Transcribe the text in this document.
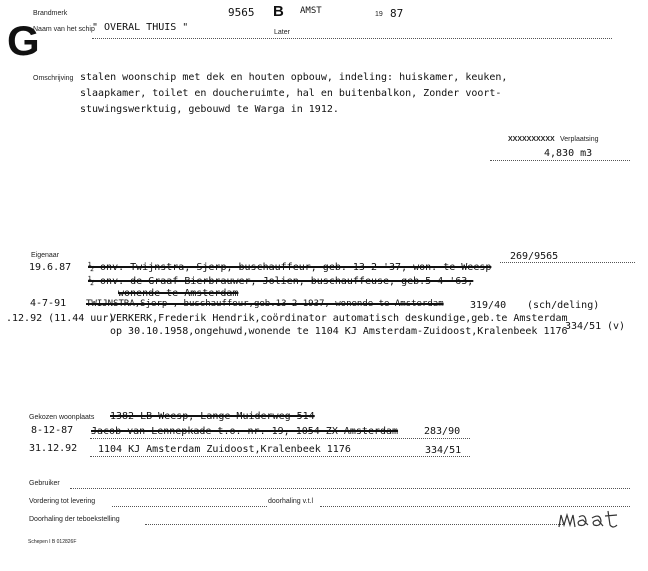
Brandmerk	9565 B AMST	19 87
G
Naam van het schip
" OVERAL THUIS "	Later
Omschrijving stalen woonschip met dek en houten opbouw, indeling: huiskamer, keuken,
slaapkamer, toilet en doucheruimte, hal en buitenbalkon, Zonder voort-
stuwingswerktuig, gebouwd te Warga in 1912.
XXXXXXXXXX Verplaatsing
4,830 m3
Eigenaar	269/9565
19.6.87 ½ onv. Twijnstra, Sjerp, buschauffeur, geb. 13-2-'37, won. te Weesp
½ onv. de Graaf Bierbrauwer, Jolien, buschauffeuse, geb.5-4-'63,
wonende te Amsterdam
4-7-91 TWIJNSTRA,Sjerp , buschauffeur,geb.13-2-1937, wonende te Amsterdam	319/40 (sch/deling)
.12.92 (11.44 uur)
VERKERK,Frederik Hendrik,coördinator automatisch deskundige,geb.te Amsterdam
op 30.10.1958,ongehuwd,wonende te 1104 KJ Amsterdam-Zuidoost,Kralenbeek 1176
334/51 (v)
Gekozen woonplaats 1382 LB Weesp, Lange Muiderweg 514
8-12-87 Jacob van Lennepkade t.o. nr. 19, 1054 ZX Amsterdam	283/90
31.12.92 1104 KJ Amsterdam Zuidoost,Kralenbeek 1176	334/51
Gebruiker
Vordering tot levering	doorhaling v.t.l
Doorhaling der teboekstelling
Schepen I B 012826F
